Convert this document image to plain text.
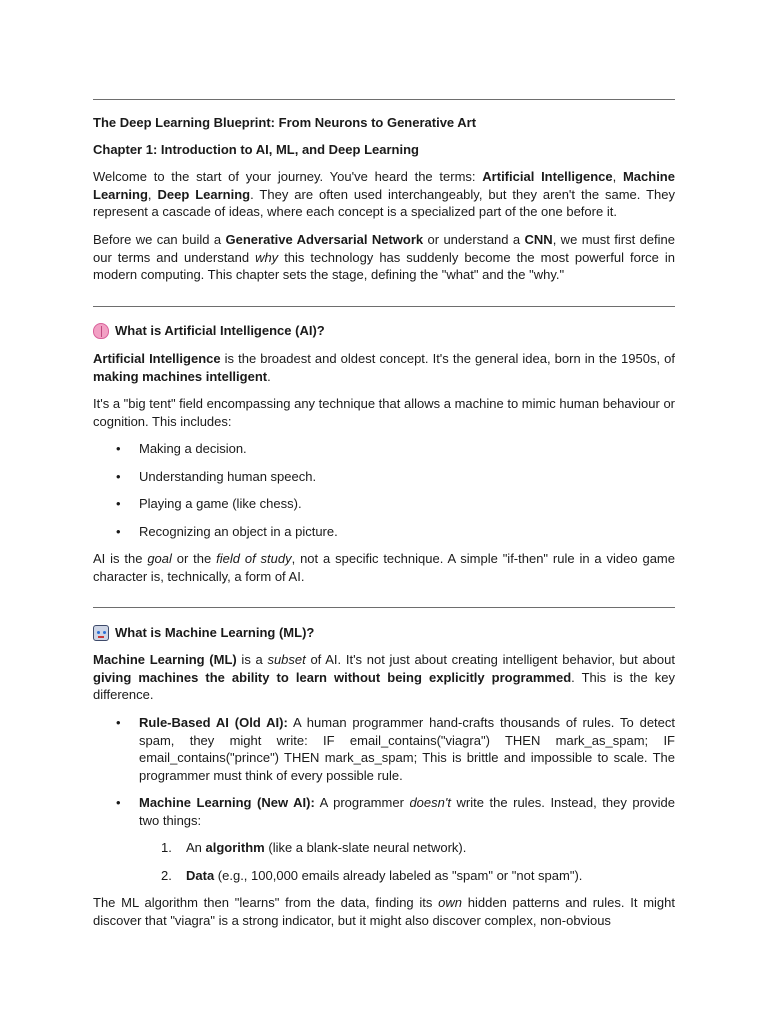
The Deep Learning Blueprint: From Neurons to Generative Art

Chapter 1: Introduction to AI, ML, and Deep Learning

Welcome to the start of your journey. You've heard the terms: Artificial Intelligence, Machine Learning, Deep Learning. They are often used interchangeably, but they aren't the same. They represent a cascade of ideas, where each concept is a specialized part of the one before it.

Before we can build a Generative Adversarial Network or understand a CNN, we must first define our terms and understand why this technology has suddenly become the most powerful force in modern computing. This chapter sets the stage, defining the "what" and the "why."

What is Artificial Intelligence (AI)?

Artificial Intelligence is the broadest and oldest concept. It's the general idea, born in the 1950s, of making machines intelligent.

It's a "big tent" field encompassing any technique that allows a machine to mimic human behaviour or cognition. This includes:

• Making a decision.
• Understanding human speech.
• Playing a game (like chess).
• Recognizing an object in a picture.

AI is the goal or the field of study, not a specific technique. A simple "if-then" rule in a video game character is, technically, a form of AI.

What is Machine Learning (ML)?

Machine Learning (ML) is a subset of AI. It's not just about creating intelligent behavior, but about giving machines the ability to learn without being explicitly programmed. This is the key difference.

• Rule-Based AI (Old AI): A human programmer hand-crafts thousands of rules. To detect spam, they might write: IF email_contains("viagra") THEN mark_as_spam; IF email_contains("prince") THEN mark_as_spam; This is brittle and impossible to scale. The programmer must think of every possible rule.
• Machine Learning (New AI): A programmer doesn't write the rules. Instead, they provide two things:
1. An algorithm (like a blank-slate neural network).
2. Data (e.g., 100,000 emails already labeled as "spam" or "not spam").

The ML algorithm then "learns" from the data, finding its own hidden patterns and rules. It might discover that "viagra" is a strong indicator, but it might also discover complex, non-obvious
